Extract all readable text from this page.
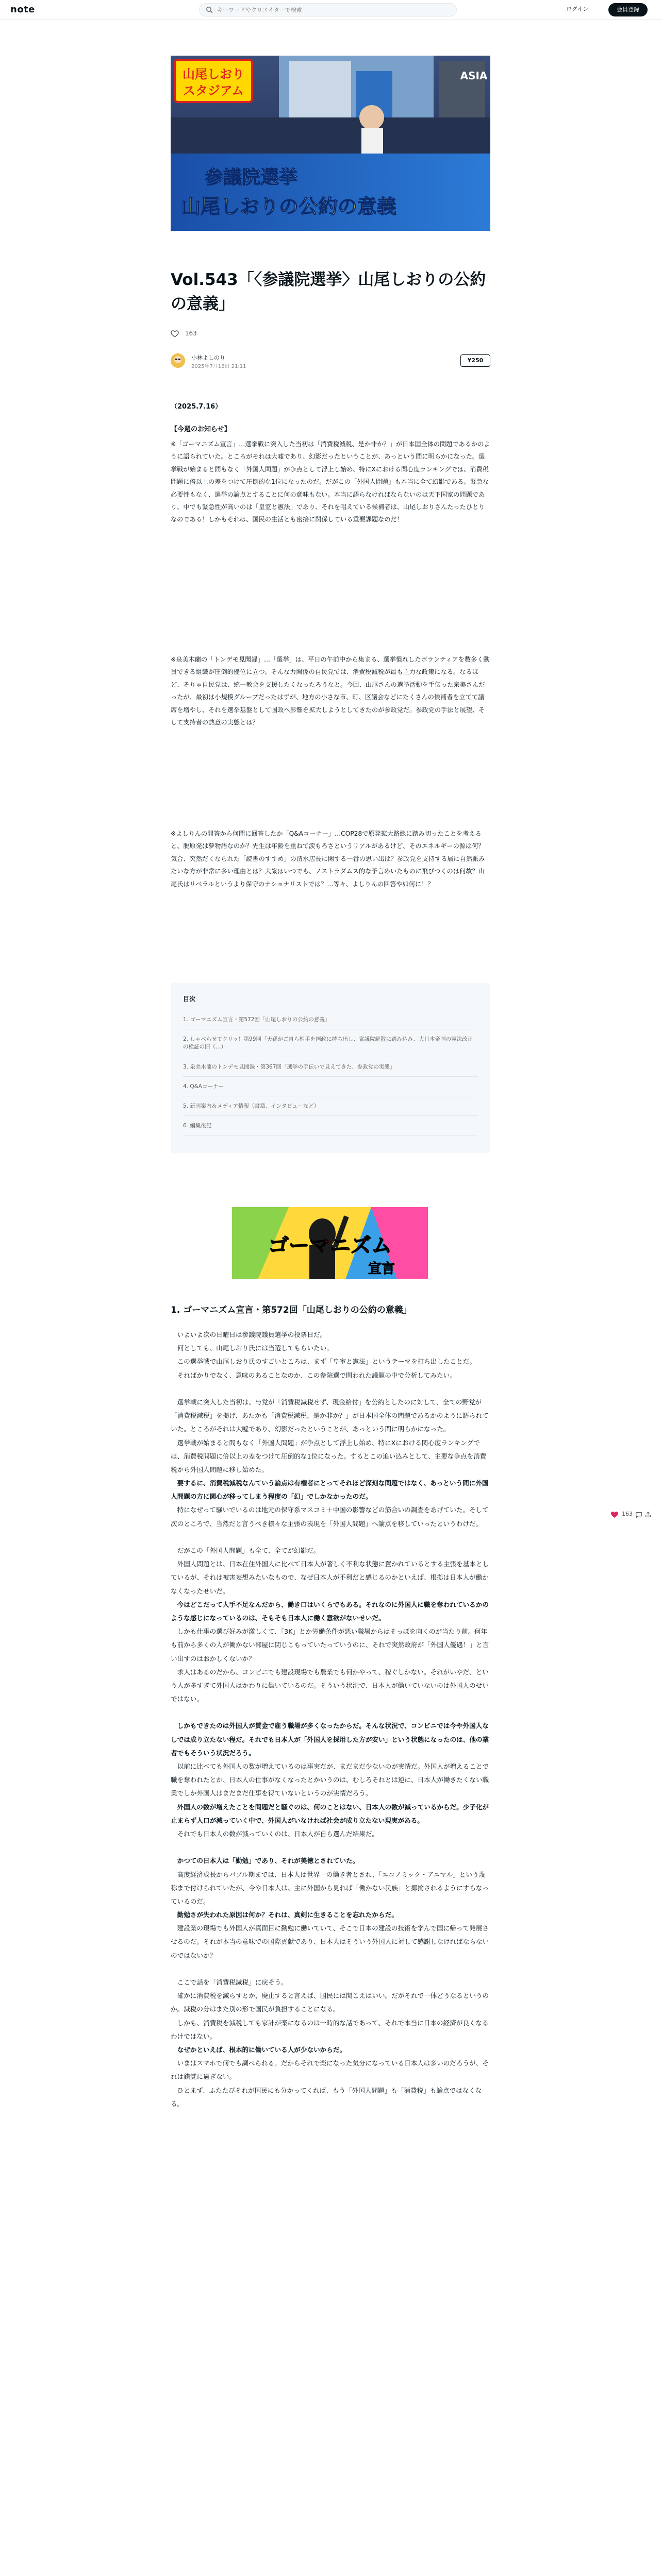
note
キーワードやクリエイターで検索	ログイン	会員登録
山尾しおり
スタジアム
ASIA
参議院選挙
山尾しおりの公約の意義
Vol.543「〈参議院選挙〉山尾しおりの公約の意義」
163
小林よしのり
2025年7月16日 21:11
¥250
（2025.7.16）
【今週のお知らせ】
※「ゴーマニズム宣言」…選挙戦に突入した当初は「消費税減税、是か非か？」が日本国全体の問題であるかのように語られていた。ところがそれは大嘘であり、幻影だったということが、あっという間に明らかになった。選挙戦が始まると間もなく「外国人問題」が争点として浮上し始め、特にXにおける関心度ランキングでは、消費税問題に倍以上の差をつけて圧倒的な1位になったのだ。だがこの「外国人問題」も本当に全て幻影である。緊急な必要性もなく、選挙の論点とすることに何の意味もない。本当に語らなければならないのは天下国家の問題であり、中でも緊急性が高いのは「皇室と憲法」であり、それを唱えている候補者は、山尾しおりさんたったひとりなのである！しかもそれは、国民の生活とも密接に関係している重要課題なのだ！
※泉美木蘭の「トンデモ見聞録」…「選挙」は、平日の午前中から集まる、選挙慣れしたボランティアを数多く動員できる組織が圧倒的優位に立つ。そんな力関係の自民党では、消費税減税が最も主力な政策になる。なるほど、そりゃ自民党は、統一教会を支援したくなったろうなと。今回、山尾さんの選挙活動を手伝った泉美さんだったが、最初は小規模グループだったはずが、地方の小さな市、町、区議会などにたくさんの候補者を立てて議席を増やし、それを選挙基盤として国政へ影響を拡大しようとしてきたのが参政党だ。参政党の手法と展望、そして支持者の熱意の実態とは？
※よしりんの問答から何問に回答したか「Q&Aコーナー」…COP28で原発拡大路線に踏み切ったことを考えると、脱原発は夢物語なのか？先生は年齢を重ねて涙もろさというリアルがあるけど、そのエネルギーの源は何？気合、突然だくなられた「読書のすすめ」の清水店長に関する一番の思い出は？参政党を支持する層に自然派みたいな方が非常に多い理由とは？大衆はいつでも、ノストラダムス的な予言めいたものに飛びつくのは何故？山尾氏はリベラルというより保守のナショナリストでは？…等々、よしりんの回答や如何に！？
目次
1. ゴーマニズム宣言・第572回「山尾しおりの公約の意義」
2. しゃべらせてクリッ！第99回「天孫がご自ら相手を国政に持ち出し、衆議院解散に踏み込み、大日本帝国の憲法改正の検証の旧（…）
3. 泉美木蘭のトンデモ見聞録・第367回「選挙の手伝いで見えてきた、参政党の実態」
4. Q&Aコーナー
5. 新刊案内＆メディア情報（書籍、インタビューなど）
6. 編集後記
ゴーマニズム
宣言
1. ゴーマニズム宣言・第572回「山尾しおりの公約の意義」

　いよいよ次の日曜日は参議院議員選挙の投票日だ。

　何としても、山尾しおり氏には当選してもらいたい。

　この選挙戦で山尾しおり氏のすごいところは、まず「皇室と憲法」というテーマを打ち出したことだ。

　そればかりでなく、意味のあることなのか、この参院選で問われた議題の中で分析してみたい。

　選挙戦に突入した当初は、与党が「消費税減税せず、現金給付」を公約としたのに対して、全ての野党が「消費税減税」を掲げ、あたかも「消費税減税、是か非か？」が日本国全体の問題であるかのように語られていた。ところがそれは大嘘であり、幻影だったということが、あっという間に明らかになった。

　選挙戦が始まると間もなく「外国人問題」が争点として浮上し始め、特にXにおける関心度ランキングでは、消費税問題に倍以上の差をつけて圧倒的な1位になった。するとこの追い込みとして、主要な争点を消費税から外国人問題に移し始めた。

　要するに、消費税減税なんていう論点は有権者にとってそれほど深刻な問題ではなく、あっという間に外国人問題の方に関心が移ってしまう程度の「幻」でしかなかったのだ。

　特になぜって騒いでいるのは地元の保守系マスコミ＋中国の影響などの筋合いの調査をあげていた。そして次のところで、当然だと言うべき様々な主張の表現を「外国人問題」へ論点を移していったというわけだ。

　だがこの「外国人問題」も全て、全てが幻影だ。

　外国人問題とは、日本在住外国人に比べて日本人が著しく不利な状態に置かれているとする主張を基本としているが、それは被害妄想みたいなもので、なぜ日本人が不利だと感じるのかといえば、根拠は日本人が働かなくなったせいだ。

　今はどこだって人手不足なんだから、働き口はいくらでもある。それなのに外国人に職を奪われているかのような感じになっているのは、そもそも日本人に働く意欲がないせいだ。

　しかも仕事の選び好みが激しくて、「3K」とか労働条件が悪い職場からはそっぽを向くのが当たり前。何年も前から多くの人が働かない部屋に閉じこもっていたっていうのに、それで突然政府が「外国人優遇！」と言い出すのはおかしくないか？

　求人はあるのだから、コンビニでも建設現場でも農業でも何かやって、稼ぐしかない。それがいやだ、という人が多すぎて外国人はかわりに働いているのだ。そういう状況で、日本人が働いていないのは外国人のせいではない。

　しかもできたのは外国人が賃金で雇う職場が多くなったからだ。そんな状況で、コンビニでは今や外国人なしでは成り立たない程だ。それでも日本人が「外国人を採用した方が安い」という状態になったのは、他の業者でもそういう状況だろう。

　以前に比べても外国人の数が増えているのは事実だが、まだまだ少ないのが実情だ。外国人が増えることで職を奪われたとか、日本人の仕事がなくなったとかいうのは、むしろそれとは逆に、日本人が働きたくない職業でしか外国人はまだまだ仕事を得ていないというのが実情だろう。

　外国人の数が増えたことを問題だと騒ぐのは、何のことはない、日本人の数が減っているからだ。少子化が止まらず人口が減っていく中で、外国人がいなければ社会が成り立たない現実がある。

　それでも日本人の数が減っていくのは、日本人が自ら選んだ結果だ。

　かつての日本人は「勤勉」であり、それが美徳とされていた。

　高度経済成長からバブル期までは、日本人は世界一の働き者とされ、「エコノミック・アニマル」という蔑称まで付けられていたが、今や日本人は、主に外国から見れば「働かない民族」と揶揄されるようにすらなっているのだ。

　勤勉さが失われた原因は何か？それは、真剣に生きることを忘れたからだ。

　建設業の現場でも外国人が真面目に勤勉に働いていて、そこで日本の建設の技術を学んで国に帰って発展させるのだ。それが本当の意味での国際貢献であり、日本人はそういう外国人に対して感謝しなければならないのではないか？

　ここで話を「消費税減税」に戻そう。

　確かに消費税を減らすとか、廃止すると言えば、国民には聞こえはいい。だがそれで一体どうなるというのか。減税の分はまた別の形で国民が負担することになる。

　しかも、消費税を減税しても家計が楽になるのは一時的な話であって、それで本当に日本の経済が良くなるわけではない。

　なぜかといえば、根本的に働いている人が少ないからだ。

　いまはスマホで何でも調べられる。だからそれで楽になった気分になっている日本人は多いのだろうが、それは錯覚に過ぎない。

　ひとまず、ふたたびそれが国民にも分かってくれば、もう「外国人問題」も「消費税」も論点ではなくなる。

163
